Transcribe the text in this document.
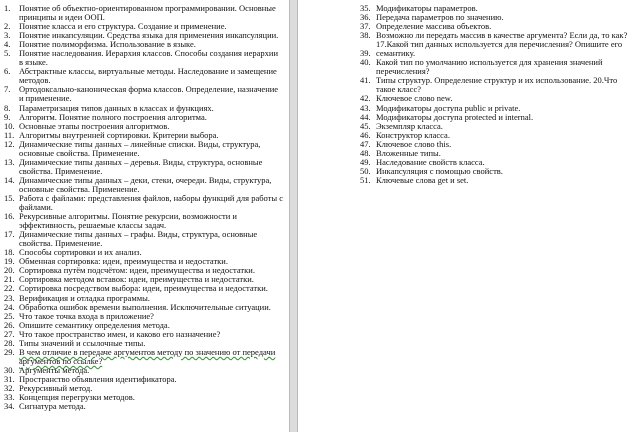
1. Понятие об объектно-ориентированном программировании. Основные принципы и идеи ООП.
2. Понятие класса и его структура. Создание и применение.
3. Понятие инкапсуляции. Средства языка для применения инкапсуляции.
4. Понятие полиморфизма. Использование в языке.
5. Понятие наследования. Иерархия классов. Способы создания иерархии в языке.
6. Абстрактные классы, виртуальные методы. Наследование и замещение методов.
7. Ортодоксально-каноническая форма классов. Определение, назначение и применение.
8. Параметризация типов данных в классах и функциях.
9. Алгоритм. Понятие полного построения алгоритма.
10. Основные этапы построения алгоритмов.
11. Алгоритмы внутренней сортировки. Критерии выбора.
12. Динамические типы данных – линейные списки. Виды, структура, основные свойства. Применение.
13. Динамические типы данных – деревья. Виды, структура, основные свойства. Применение.
14. Динамические типы данных – деки, стеки, очереди. Виды, структура, основные свойства. Применение.
15. Работа с файлами: представления файлов, наборы функций для работы с файлами.
16. Рекурсивные алгоритмы. Понятие рекурсии, возможности и эффективность, решаемые классы задач.
17. Динамические типы данных – графы. Виды, структура, основные свойства. Применение.
18. Способы сортировки и их анализ.
19. Обменная сортировка: идеи, преимущества и недостатки.
20. Сортировка путём подсчётом: идеи, преимущества и недостатки.
21. Сортировка методом вставок: идеи, преимущества и недостатки.
22. Сортировка посредством выбора: идеи, преимущества и недостатки.
23. Верификация и отладка программы.
24. Обработка ошибок времени выполнения. Исключительные ситуации.
25. Что такое точка входа в приложение?
26. Опишите семантику определения метода.
27. Что такое пространство имен, и каково его назначение?
28. Типы значений и ссылочные типы.
29. В чем отличие в передаче аргументов методу по значению от передачи аргументов по ссылке?
30. Аргументы метода.
31. Пространство объявления идентификатора.
32. Рекурсивный метод.
33. Концепция перегрузки методов.
34. Сигнатура метода.
35. Модификаторы параметров.
36. Передача параметров по значению.
37. Определение массива объектов.
38. Возможно ли передать массив в качестве аргумента? Если да, то как? 17.Какой тип данных используется для перечисления? Опишите его
39. семантику.
40. Какой тип по умолчанию используется для хранения значений перечисления?
41. Типы структур. Определение структур и их использование. 20.Что такое класс?
42. Ключевое слово new.
43. Модификаторы доступа public и private.
44. Модификаторы доступа protected и internal.
45. Экземпляр класса.
46. Конструктор класса.
47. Ключевое слово this.
48. Вложенные типы.
49. Наследование свойств класса.
50. Инкапсуляция с помощью свойств.
51. Ключевые слова get и set.
